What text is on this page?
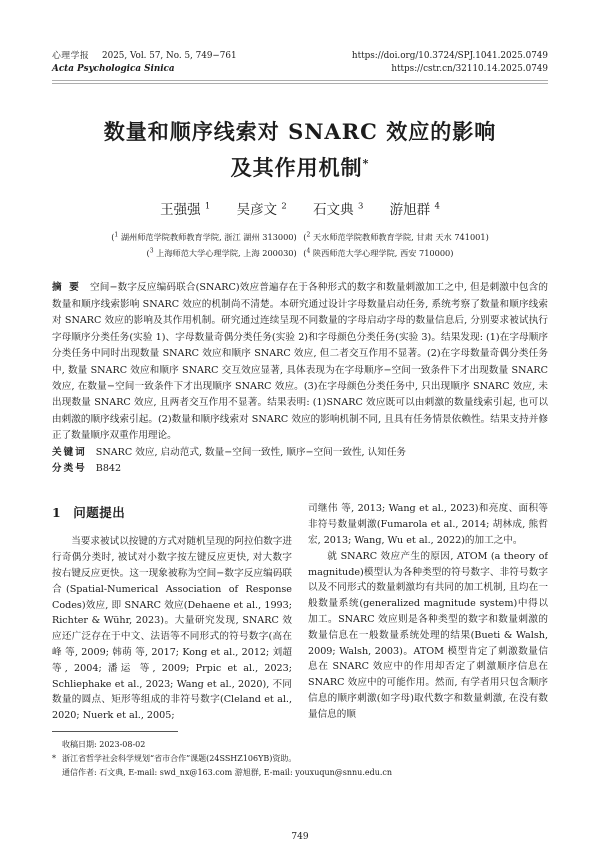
心理学报 2025, Vol. 57, No. 5, 749−761
Acta Psychologica Sinica
https://doi.org/10.3724/SPJ.1041.2025.0749
https://cstr.cn/32110.14.2025.0749
数量和顺序线索对 SNARC 效应的影响
及其作用机制*
王强强 $^1$ 吴彦文 $^2$ 石文典 $^3$ 游旭群 $^4$
($^1$ 湖州师范学院教师教育学院, 浙江 湖州 313000) ($^2$ 天水师范学院教师教育学院, 甘肃 天水 741001)
($^3$ 上海师范大学心理学院, 上海 200030) ($^4$ 陕西师范大学心理学院, 西安 710000)
摘 要 空间−数字反应编码联合(SNARC)效应普遍存在于各种形式的数字和数量刺激加工之中, 但是刺激中包含的数量和顺序线索影响 SNARC 效应的机制尚不清楚。本研究通过设计字母数量启动任务, 系统考察了数量和顺序线索对 SNARC 效应的影响及其作用机制。研究通过连续呈现不同数量的字母启动字母的数量信息后, 分别要求被试执行字母顺序分类任务(实验 1)、字母数量奇偶分类任务(实验 2)和字母颜色分类任务(实验 3)。结果发现: (1)在字母顺序分类任务中同时出现数量 SNARC 效应和顺序 SNARC 效应, 但二者交互作用不显著。(2)在字母数量奇偶分类任务中, 数量 SNARC 效应和顺序 SNARC 交互效应显著, 具体表现为在字母顺序−空间一致条件下才出现数量 SNARC 效应, 在数量−空间一致条件下才出现顺序 SNARC 效应。(3)在字母颜色分类任务中, 只出现顺序 SNARC 效应, 未出现数量 SNARC 效应, 且两者交互作用不显著。结果表明: (1)SNARC 效应既可以由刺激的数量线索引起, 也可以由刺激的顺序线索引起。(2)数量和顺序线索对 SNARC 效应的影响机制不同, 且具有任务情景依赖性。结果支持并修正了数量顺序双重作用理论。
关键词 SNARC 效应, 启动范式, 数量−空间一致性, 顺序−空间一致性, 认知任务
分类号 B842
1 问题提出

当要求被试以按键的方式对随机呈现的阿拉伯数字进行奇偶分类时, 被试对小数字按左键反应更快, 对大数字按右键反应更快。这一现象被称为空间−数字反应编码联合(Spatial-Numerical Association of Response Codes)效应, 即 SNARC 效应(Dehaene et al., 1993; Richter & Wühr, 2023)。大量研究发现, SNARC 效应还广泛存在于中文、法语等不同形式的符号数字(高在峰 等, 2009; 韩萌 等, 2017; Kong et al., 2012; 刘超 等, 2004; 潘运 等, 2009; Prpic et al., 2023; Schliephake et al., 2023; Wang et al., 2020), 不同数量的圆点、矩形等组成的非符号数字(Cleland et al., 2020; Nuerk et al., 2005;

司继伟 等, 2013; Wang et al., 2023)和亮度、面积等非符号数量刺激(Fumarola et al., 2014; 胡林成, 熊哲宏, 2013; Wang, Wu et al., 2022)的加工之中。

就 SNARC 效应产生的原因, ATOM (a theory of magnitude)模型认为各种类型的符号数字、非符号数字以及不同形式的数量刺激均有共同的加工机制, 且均在一般数量系统(generalized magnitude system)中得以加工。SNARC 效应则是各种类型的数字和数量刺激的数量信息在一般数量系统处理的结果(Bueti & Walsh, 2009; Walsh, 2003)。ATOM 模型肯定了刺激数量信息在 SNARC 效应中的作用却否定了刺激顺序信息在 SNARC 效应中的可能作用。然而, 有学者用只包含顺序信息的顺序刺激(如字母)取代数字和数量刺激, 在没有数量信息的顺

收稿日期: 2023-08-02
* 浙江省哲学社会科学规划“省市合作”课题(24SSHZ106YB)资助。
通信作者: 石文典, E-mail: swd_nx@163.com 游旭群, E-mail: youxuqun@snnu.edu.cn
749
